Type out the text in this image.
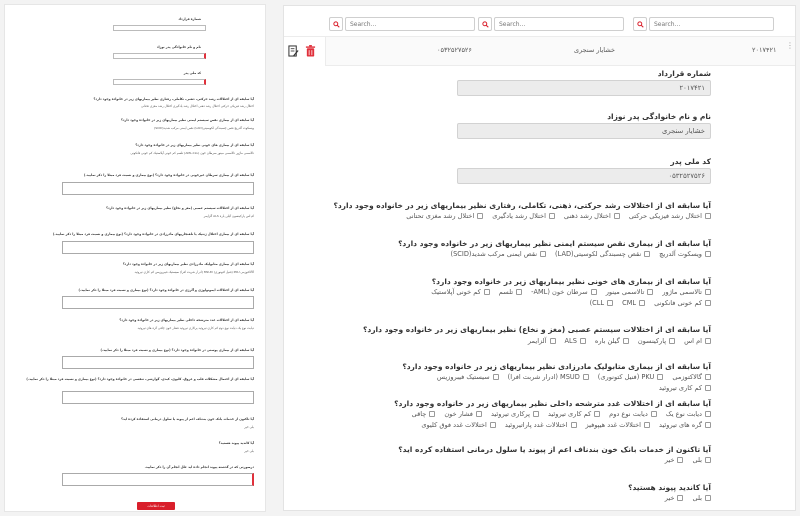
شماره قرارداد
نام و نام خانوادگی پدر نوزاد
کد ملی پدر
آیا سابقه ای از اختلالات رشد حرکتی، ذهنی، تکاملی، رفتاری نظیر بیماریهای زیر در خانواده وجود دارد؟
اختلال رشد فیزیکی حرکتی اختلال رشد ذهنی اختلال رشد یادگیری اختلال رشد مغزی تحتانی
آیا سابقه ای از بیماری نقص سیستم ایمنی نظیر بیماریهای زیر در خانواده وجود دارد؟
ویسکوت آلدریچ نقص چسبندگی لکوسیتی(LAD) نقص ایمنی مرکب شدید(SCID)
آیا سابقه ای از بیماری های خونی نظیر بیماریهای زیر در خانواده وجود دارد؟
تالاسمی ماژور تالاسمی مینور سرطان خون (AML-CLL) تلسم کم خونی آپلاستیک کم خونی فانکونی
آیا سابقه ای از بیماری سرطان غیرخونی در خانواده وجود دارد؟ (نوع بیماری و نسبت فرد مبتلا را ذکر نمایید.)
آیا سابقه ای از اختلالات سیستم عصبی (مغز و نخاع) نظیر بیماریهای زیر در خانواده وجود دارد؟
ام اس پارکینسون گیلن باره ALS آلزایمر
آیا سابقه ای از بیماری اختلال ژنتیک یا ناهنجاریهای مادرزادی در خانواده وجود دارد؟ (نوع بیماری و نسبت فرد مبتلا را ذکر نمایید.)
آیا سابقه ای از بیماری متابولیک مادرزادی نظیر بیماریهای زیر در خانواده وجود دارد؟
گالاکتوزمی PKU (فنیل کتونوری) MSUD (ادرار شربت افرا) سیستیک فیبروزیس کم کاری تیروئید
آیا سابقه ای از اختلالات ایمونولوژی و آلرژی در خانواده وجود دارد؟ (نوع بیماری و نسبت فرد مبتلا را ذکر نمایید.)
آیا سابقه ای از اختلالات غدد مترشحه داخلی نظیر بیماریهای زیر در خانواده وجود دارد؟
دیابت نوع یک دیابت نوع دوم کم کاری تیروئید پرکاری تیروئید فشار خون چاقی گره های تیروئید
آیا سابقه ای از بیماری پوستی در خانواده وجود دارد؟ (نوع بیماری و نسبت فرد مبتلا را ذکر نمایید.)
آیا سابقه ای از احتمال مشکلات قلب و عروق، کلیوی، کبدی، گوارشی، تنفسی در خانواده وجود دارد؟ (نوع بیماری و نسبت فرد مبتلا را ذکر نمایید.)
آیا تاکنون از خدمات بانک خون بندناف اعم از پیوند یا سلول درمانی استفاده کرده اید؟
بلی خیر
آیا کاندید پیوند هستید؟
بلی خیر
درصورتی که در گذشته پیوند انجام داده اید علل انجام آن را ذکر نمایید.
ثبت اطلاعات
Search...
Search...
Search...
۰۵۳۲۵۲۷۵۲۶	خشایار سنجری	۲۰۱۷۴۲۱ ⋮
شماره قرارداد
۲۰۱۷۴۲۱
نام و نام خانوادگی پدر نوزاد
خشایار سنجری
کد ملی پدر
۰۵۳۲۵۲۷۵۲۶
آیا سابقه ای از اختلالات رشد حرکتی، ذهنی، تکاملی، رفتاری نظیر بیماریهای زیر در خانواده وجود دارد؟
اختلال رشد فیزیکی حرکتی
اختلال رشد ذهنی
اختلال رشد یادگیری
اختلال رشد مغزی تحتانی
آیا سابقه ای از بیماری نقص سیستم ایمنی نظیر بیماریهای زیر در خانواده وجود دارد؟
ویسکوت آلدریچ
نقص چسبندگی لکوسیتی(LAD)
نقص ایمنی مرکب شدید(SCID)
آیا سابقه ای از بیماری های خونی نظیر بیماریهای زیر در خانواده وجود دارد؟
تالاسمی ماژور
تالاسمی مینور
سرطان خون (AML-
تلسم
کم خونی آپلاستیک
کم خونی فانکونی
CML
CLL)
آیا سابقه ای از اختلالات سیستم عصبی (مغز و نخاع) نظیر بیماریهای زیر در خانواده وجود دارد؟
ام اس
پارکینسون
گیلن باره
ALS
آلزایمر
آیا سابقه ای از بیماری متابولیک مادرزادی نظیر بیماریهای زیر در خانواده وجود دارد؟
گالاکتوزمی
PKU (فنیل کتونوری)
MSUD (ادرار شربت افرا)
سیستیک فیبروزیس
کم کاری تیروئید
آیا سابقه ای از اختلالات غدد مترشحه داخلی نظیر بیماریهای زیر در خانواده وجود دارد؟
دیابت نوع یک
دیابت نوع دوم
کم کاری تیروئید
پرکاری تیروئید
فشار خون
چاقی
گره های تیروئید
اختلالات غدد هیپوفیز
اختلالات غدد پاراتیروئید
اختلالات غدد فوق کلیوی
آیا تاکنون از خدمات بانک خون بندناف اعم از پیوند یا سلول درمانی استفاده کرده اید؟
بلی
خیر
آیا کاندید پیوند هستید؟
بلی
خیر
